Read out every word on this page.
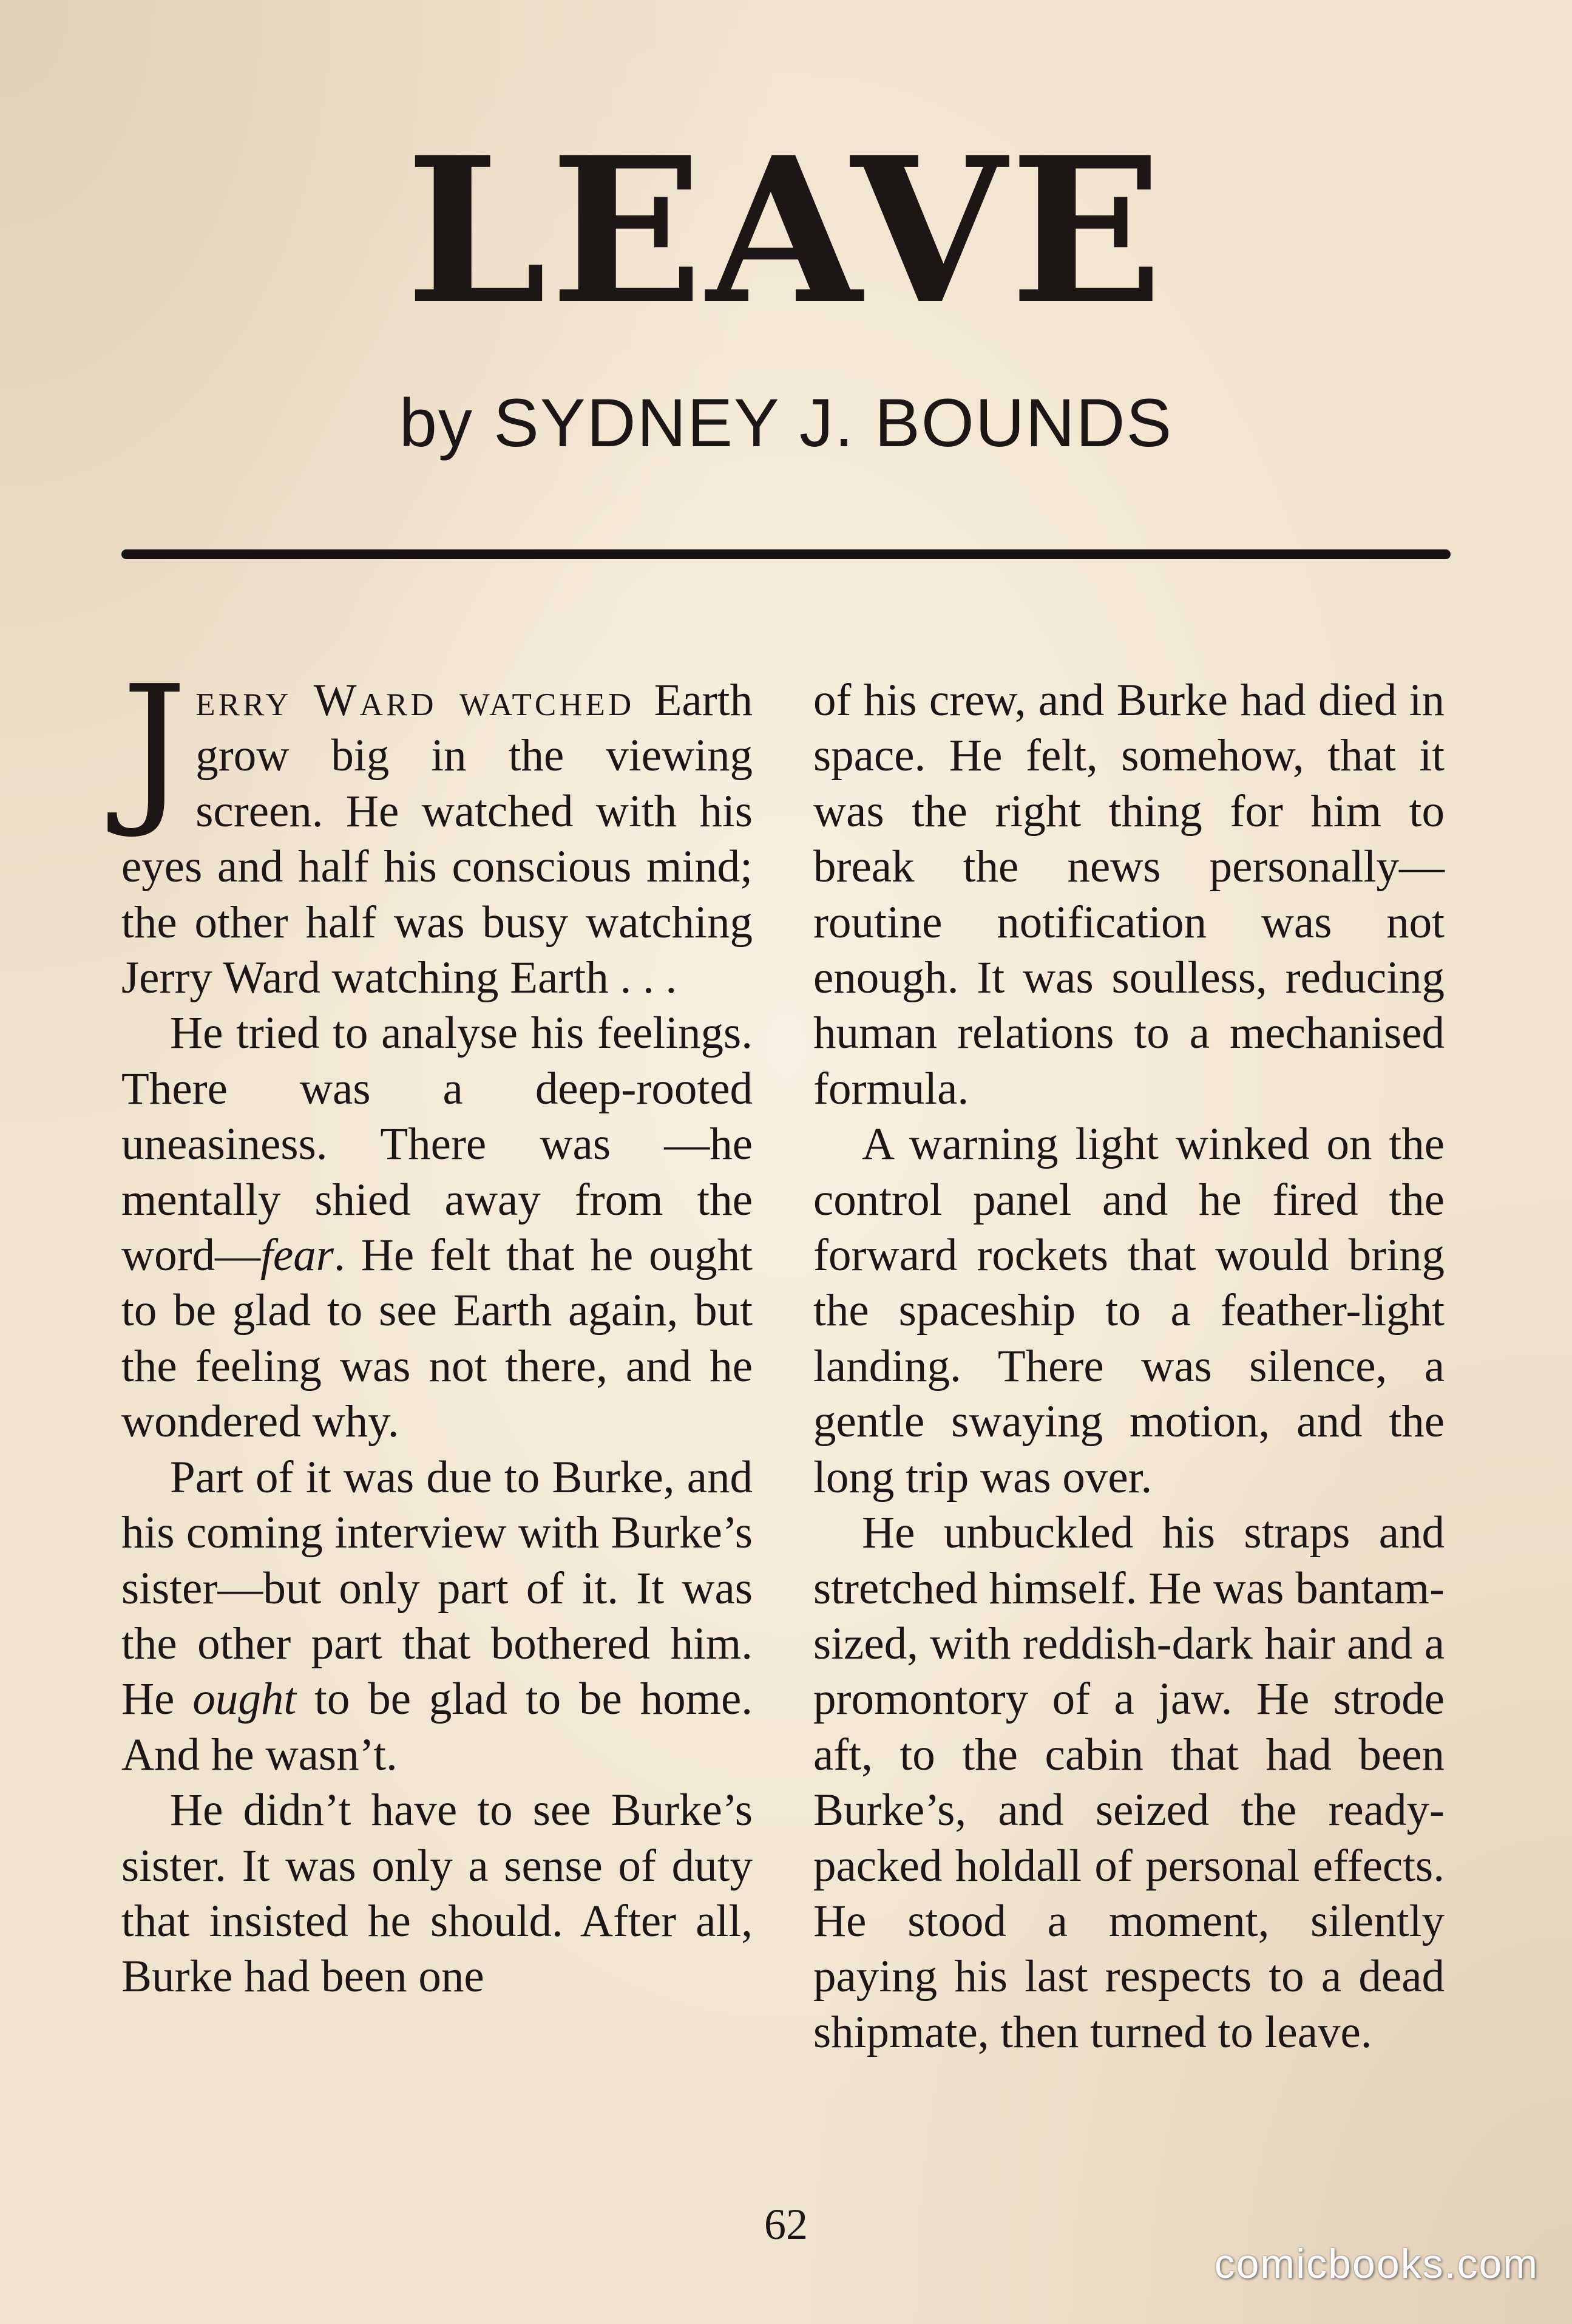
LEAVE
by SYDNEY J. BOUNDS

Jerry Ward watched Earth grow big in the viewing screen. He watched with his eyes and half his conscious mind; the other half was busy watching Jerry Ward watching Earth . . .

He tried to analyse his feelings. There was a deep-rooted uneasiness. There was —he mentally shied away from the word—fear. He felt that he ought to be glad to see Earth again, but the feeling was not there, and he wondered why.

Part of it was due to Burke, and his coming interview with Burke’s sister—but only part of it. It was the other part that bothered him. He ought to be glad to be home. And he wasn’t.

He didn’t have to see Burke’s sister. It was only a sense of duty that insisted he should. After all, Burke had been one

of his crew, and Burke had died in space. He felt, somehow, that it was the right thing for him to break the news personally—routine notification was not enough. It was soulless, reducing human relations to a mechanised formula.

A warning light winked on the control panel and he fired the forward rockets that would bring the spaceship to a feather-light landing. There was silence, a gentle swaying motion, and the long trip was over.

He unbuckled his straps and stretched himself. He was bantam-sized, with reddish-dark hair and a promontory of a jaw. He strode aft, to the cabin that had been Burke’s, and seized the ready-packed holdall of personal effects. He stood a moment, silently paying his last respects to a dead shipmate, then turned to leave.

62
comicbooks.com
